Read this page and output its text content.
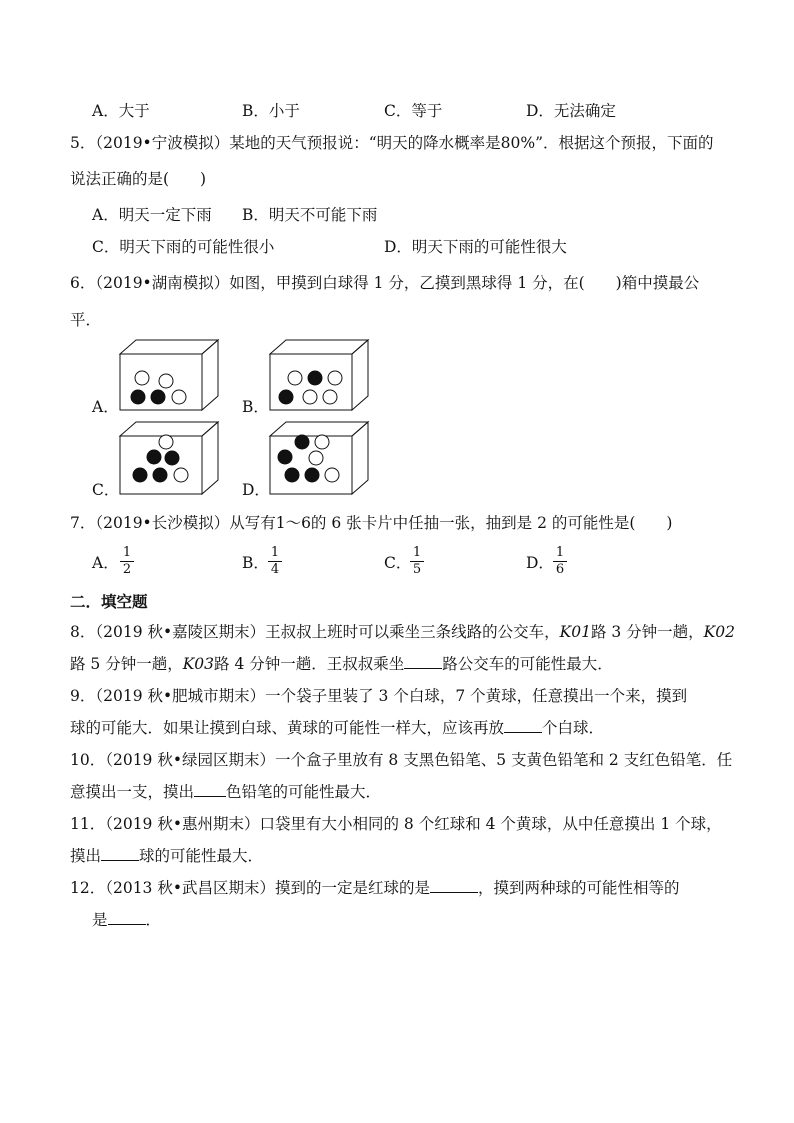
A．大于	B．小于	C．等于	D．无法确定
5．（2019•宁波模拟）某地的天气预报说：“明天的降水概率是80%”．根据这个预报，下面的
说法正确的是(　　)
A．明天一定下雨 B．明天不可能下雨
C．明天下雨的可能性很小	D．明天下雨的可能性很大
6．（2019•湖南模拟）如图，甲摸到白球得 1 分，乙摸到黑球得 1 分，在(　　)箱中摸最公
平．
A．	B．
C．	D．
7．（2019•长沙模拟）从写有1～6的 6 张卡片中任抽一张，抽到是 2 的可能性是(　　)
A．
1
2	B．
1
4	C．
1
5	D．
1
6
二．填空题
8．（2019 秋•嘉陵区期末）王叔叔上班时可以乘坐三条线路的公交车，K01路 3 分钟一趟，K02
路 5 分钟一趟，K03路 4 分钟一趟．王叔叔乘坐 路公交车的可能性最大．
9．（2019 秋•肥城市期末）一个袋子里装了 3 个白球，7 个黄球，任意摸出一个来，摸到
球的可能大．如果让摸到白球、黄球的可能性一样大，应该再放 个白球．
10．（2019 秋•绿园区期末）一个盒子里放有 8 支黑色铅笔、5 支黄色铅笔和 2 支红色铅笔．任
意摸出一支，摸出 色铅笔的可能性最大．
11．（2019 秋•惠州期末）口袋里有大小相同的 8 个红球和 4 个黄球，从中任意摸出 1 个球，
摸出 球的可能性最大．
12．（2013 秋•武昌区期末）摸到的一定是红球的是	，摸到两种球的可能性相等的
是 ．
